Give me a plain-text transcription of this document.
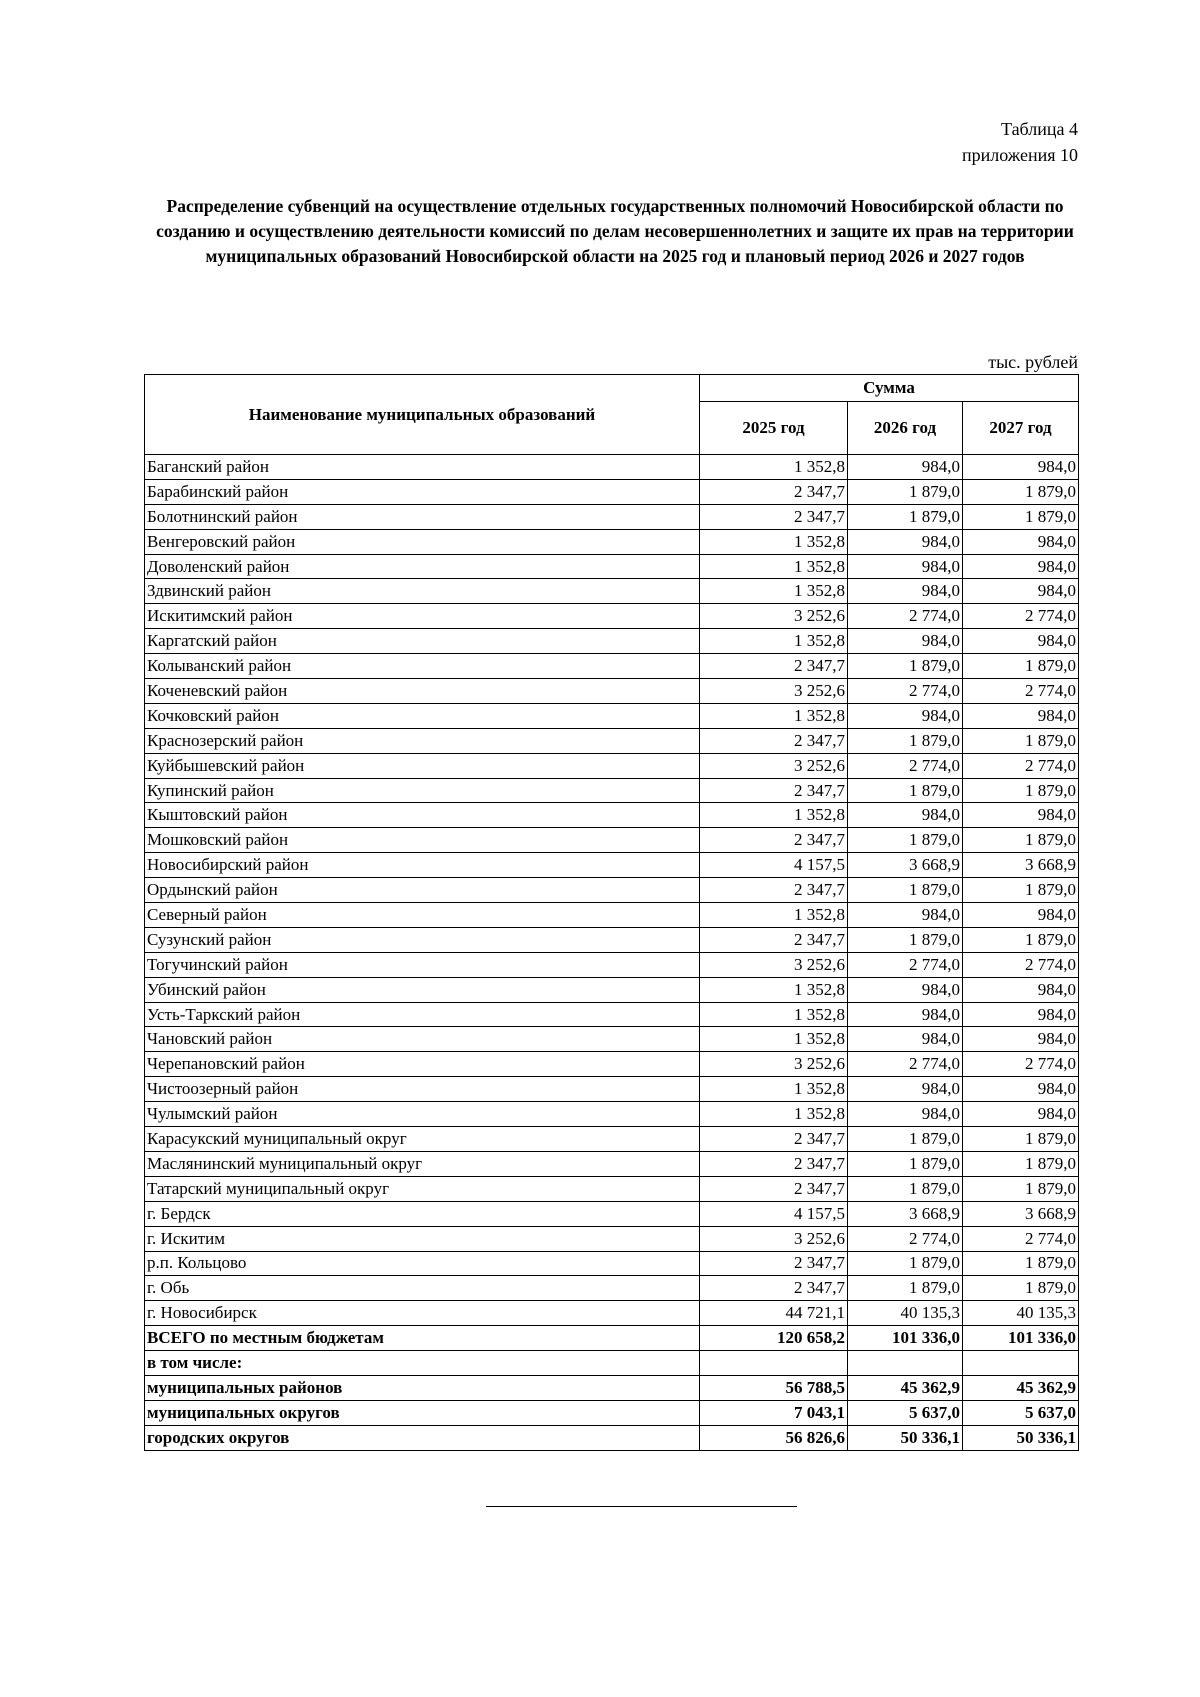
Таблица 4
приложения 10
Распределение субвенций на осуществление отдельных государственных полномочий Новосибирской области по созданию и осуществлению деятельности комиссий по делам несовершеннолетних и защите их прав на территории муниципальных образований Новосибирской области на 2025 год и плановый период 2026 и 2027 годов
тыс. рублей
Наименование муниципальных образований	Сумма		
	2025 год	2026 год	2027 год
Баганский район	1 352,8	984,0	984,0
Барабинский район	2 347,7	1 879,0	1 879,0
Болотнинский район	2 347,7	1 879,0	1 879,0
Венгеровский район	1 352,8	984,0	984,0
Доволенский район	1 352,8	984,0	984,0
Здвинский район	1 352,8	984,0	984,0
Искитимский район	3 252,6	2 774,0	2 774,0
Каргатский район	1 352,8	984,0	984,0
Колыванский район	2 347,7	1 879,0	1 879,0
Коченевский район	3 252,6	2 774,0	2 774,0
Кочковский район	1 352,8	984,0	984,0
Краснозерский район	2 347,7	1 879,0	1 879,0
Куйбышевский район	3 252,6	2 774,0	2 774,0
Купинский район	2 347,7	1 879,0	1 879,0
Кыштовский район	1 352,8	984,0	984,0
Мошковский район	2 347,7	1 879,0	1 879,0
Новосибирский район	4 157,5	3 668,9	3 668,9
Ордынский район	2 347,7	1 879,0	1 879,0
Северный район	1 352,8	984,0	984,0
Сузунский район	2 347,7	1 879,0	1 879,0
Тогучинский район	3 252,6	2 774,0	2 774,0
Убинский район	1 352,8	984,0	984,0
Усть-Таркский район	1 352,8	984,0	984,0
Чановский район	1 352,8	984,0	984,0
Черепановский район	3 252,6	2 774,0	2 774,0
Чистоозерный район	1 352,8	984,0	984,0
Чулымский район	1 352,8	984,0	984,0
Карасукский муниципальный округ	2 347,7	1 879,0	1 879,0
Маслянинский муниципальный округ	2 347,7	1 879,0	1 879,0
Татарский муниципальный округ	2 347,7	1 879,0	1 879,0
г. Бердск	4 157,5	3 668,9	3 668,9
г. Искитим	3 252,6	2 774,0	2 774,0
р.п. Кольцово	2 347,7	1 879,0	1 879,0
г. Обь	2 347,7	1 879,0	1 879,0
г. Новосибирск	44 721,1	40 135,3	40 135,3
ВСЕГО по местным бюджетам	120 658,2	101 336,0	101 336,0
в том числе:			
муниципальных районов	56 788,5	45 362,9	45 362,9
муниципальных округов	7 043,1	5 637,0	5 637,0
городских округов	56 826,6	50 336,1	50 336,1
